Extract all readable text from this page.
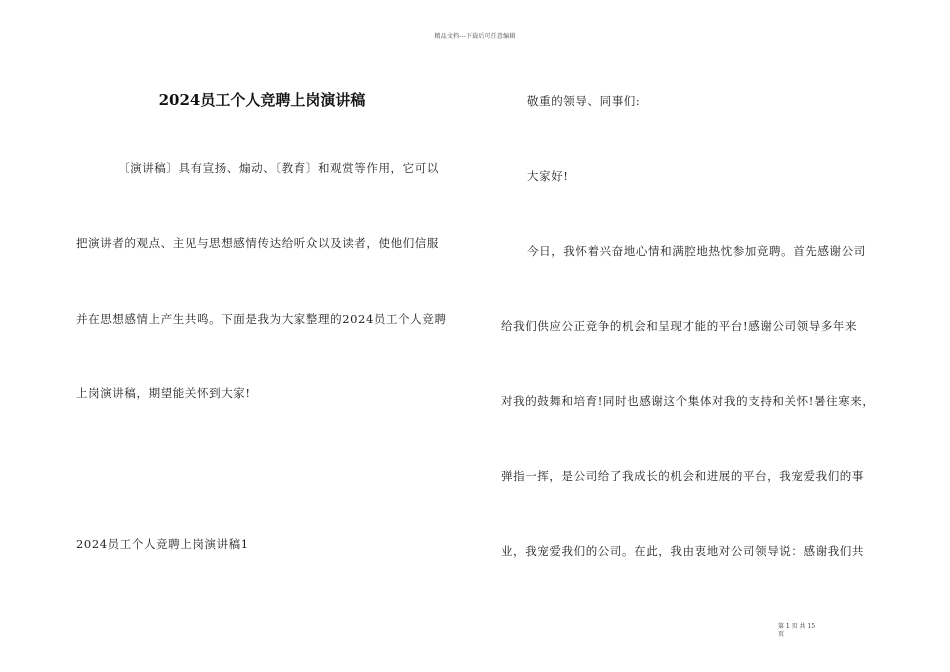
精品文档---下载后可任意编辑
2024员工个人竞聘上岗演讲稿
〔演讲稿〕具有宣扬、煽动、〔教育〕和观赏等作用，它可以
把演讲者的观点、主见与思想感情传达给听众以及读者，使他们信服
并在思想感情上产生共鸣。下面是我为大家整理的2024员工个人竞聘
上岗演讲稿，期望能关怀到大家!
2024员工个人竞聘上岗演讲稿1
敬重的领导、同事们:
大家好!
今日，我怀着兴奋地心情和满腔地热忱参加竞聘。首先感谢公司
给我们供应公正竞争的机会和呈现才能的平台!感谢公司领导多年来
对我的鼓舞和培育!同时也感谢这个集体对我的支持和关怀!暑往寒来，
弹指一挥，是公司给了我成长的机会和进展的平台，我宠爱我们的事
业，我宠爱我们的公司。在此，我由衷地对公司领导说：感谢我们共
第 1 页 共 15
页
